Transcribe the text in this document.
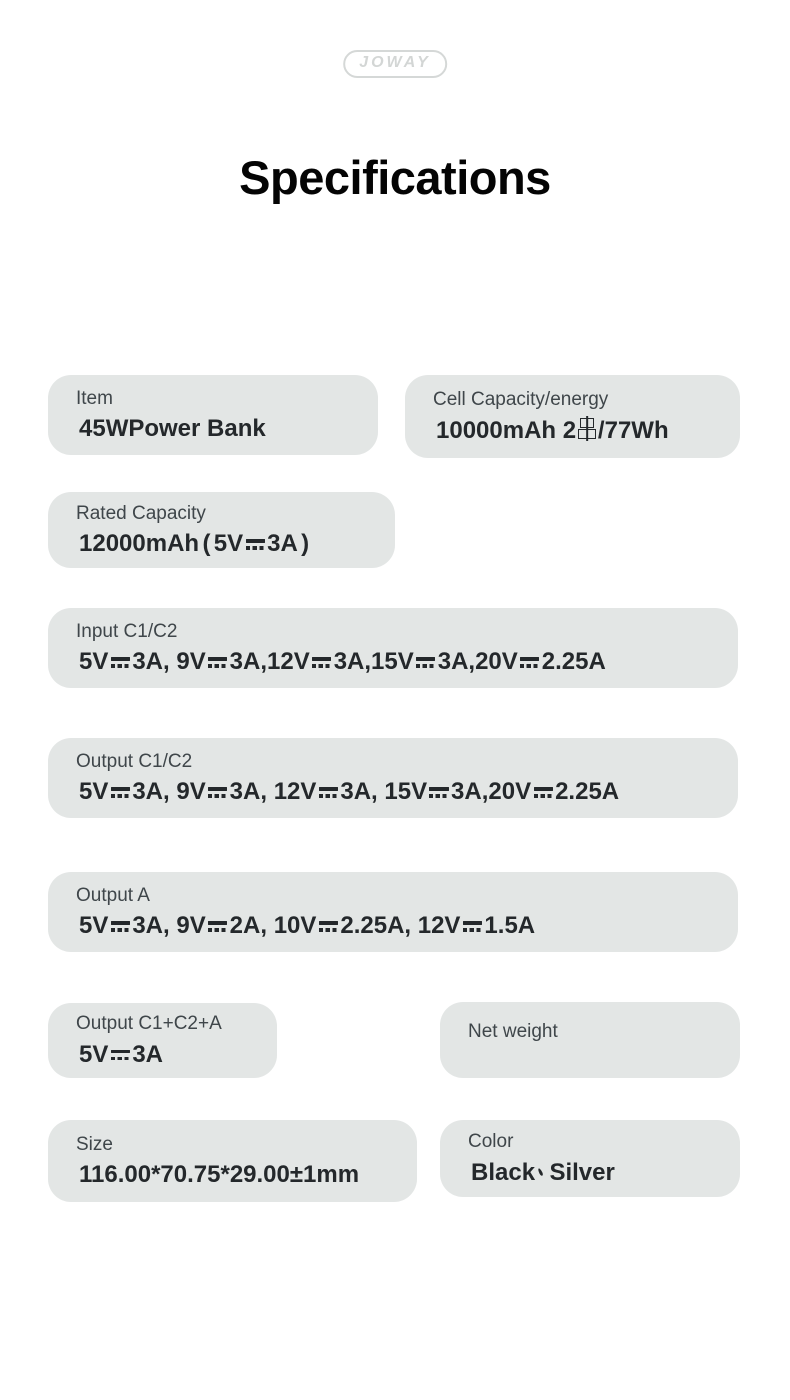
JOWAY
Specifications
Item
45WPower Bank
Cell Capacity/energy
10000mAh 2 /77Wh
Rated Capacity
12000mAh ( 5V 3A )
Input C1/C2
5V 3A, 9V 3A,12V 3A,15V 3A,20V 2.25A
Output C1/C2
5V 3A, 9V 3A, 12V 3A, 15V 3A,20V 2.25A
Output A
5V 3A, 9V 2A, 10V 2.25A, 12V 1.5A
Output C1+C2+A
5V 3A
Net weight
Size
116.00*70.75*29.00±1mm
Color
Black Silver
